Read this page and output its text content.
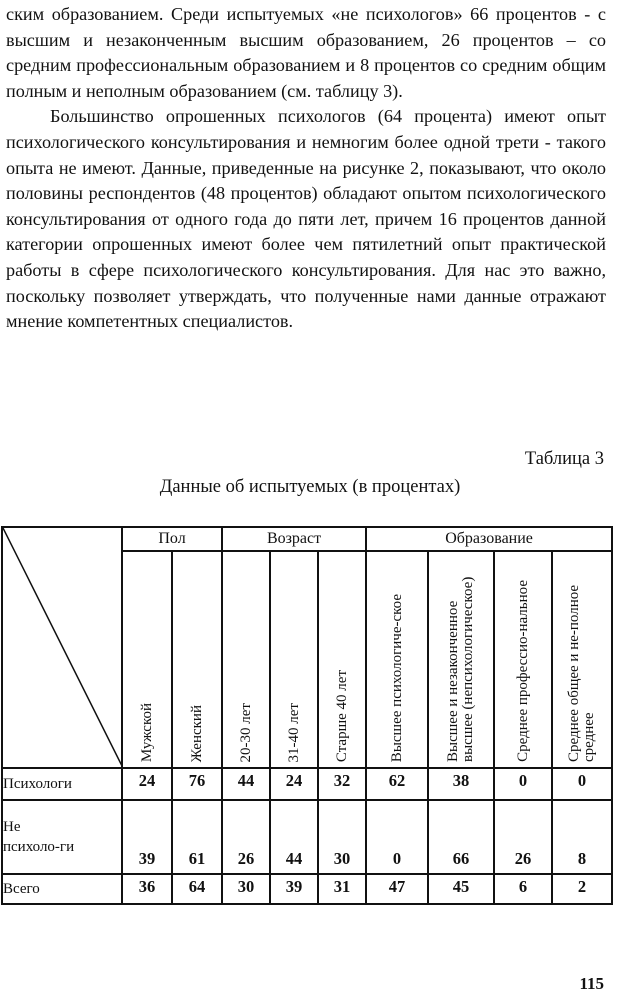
ским образованием. Среди испытуемых «не психологов» 66 процентов - с высшим и незаконченным высшим образованием, 26 процентов – со средним профессиональным образованием и 8 процентов со средним общим полным и неполным образованием (см. таблицу 3).

Большинство опрошенных психологов (64 процента) имеют опыт психологического консультирования и немногим более одной трети - такого опыта не имеют. Данные, приведенные на рисунке 2, показывают, что около половины респондентов (48 процентов) обладают опытом психологического консультирования от одного года до пяти лет, причем 16 процентов данной категории опрошенных имеют более чем пятилетний опыт практической работы в сфере психологического консультирования. Для нас это важно, поскольку позволяет утверждать, что полученные нами данные отражают мнение компетентных специалистов.

Таблица 3
Данные об испытуемых (в процентах)
	Пол		Возраст			Образование			
	Мужской	Женский	20-30 лет	31-40 лет	Старше 40 лет	Высшее психологиче-ское	Высшее и незаконченное высшее (непсихологическое)	Среднее профессио-нальное	Среднее общее и не-полное среднее
Психологи	24	76	44	24	32	62	38	0	0

Не психоло-ги	39	61	26	44	30	0	66	26	8
Всего	36	64	30	39	31	47	45	6	2
115
